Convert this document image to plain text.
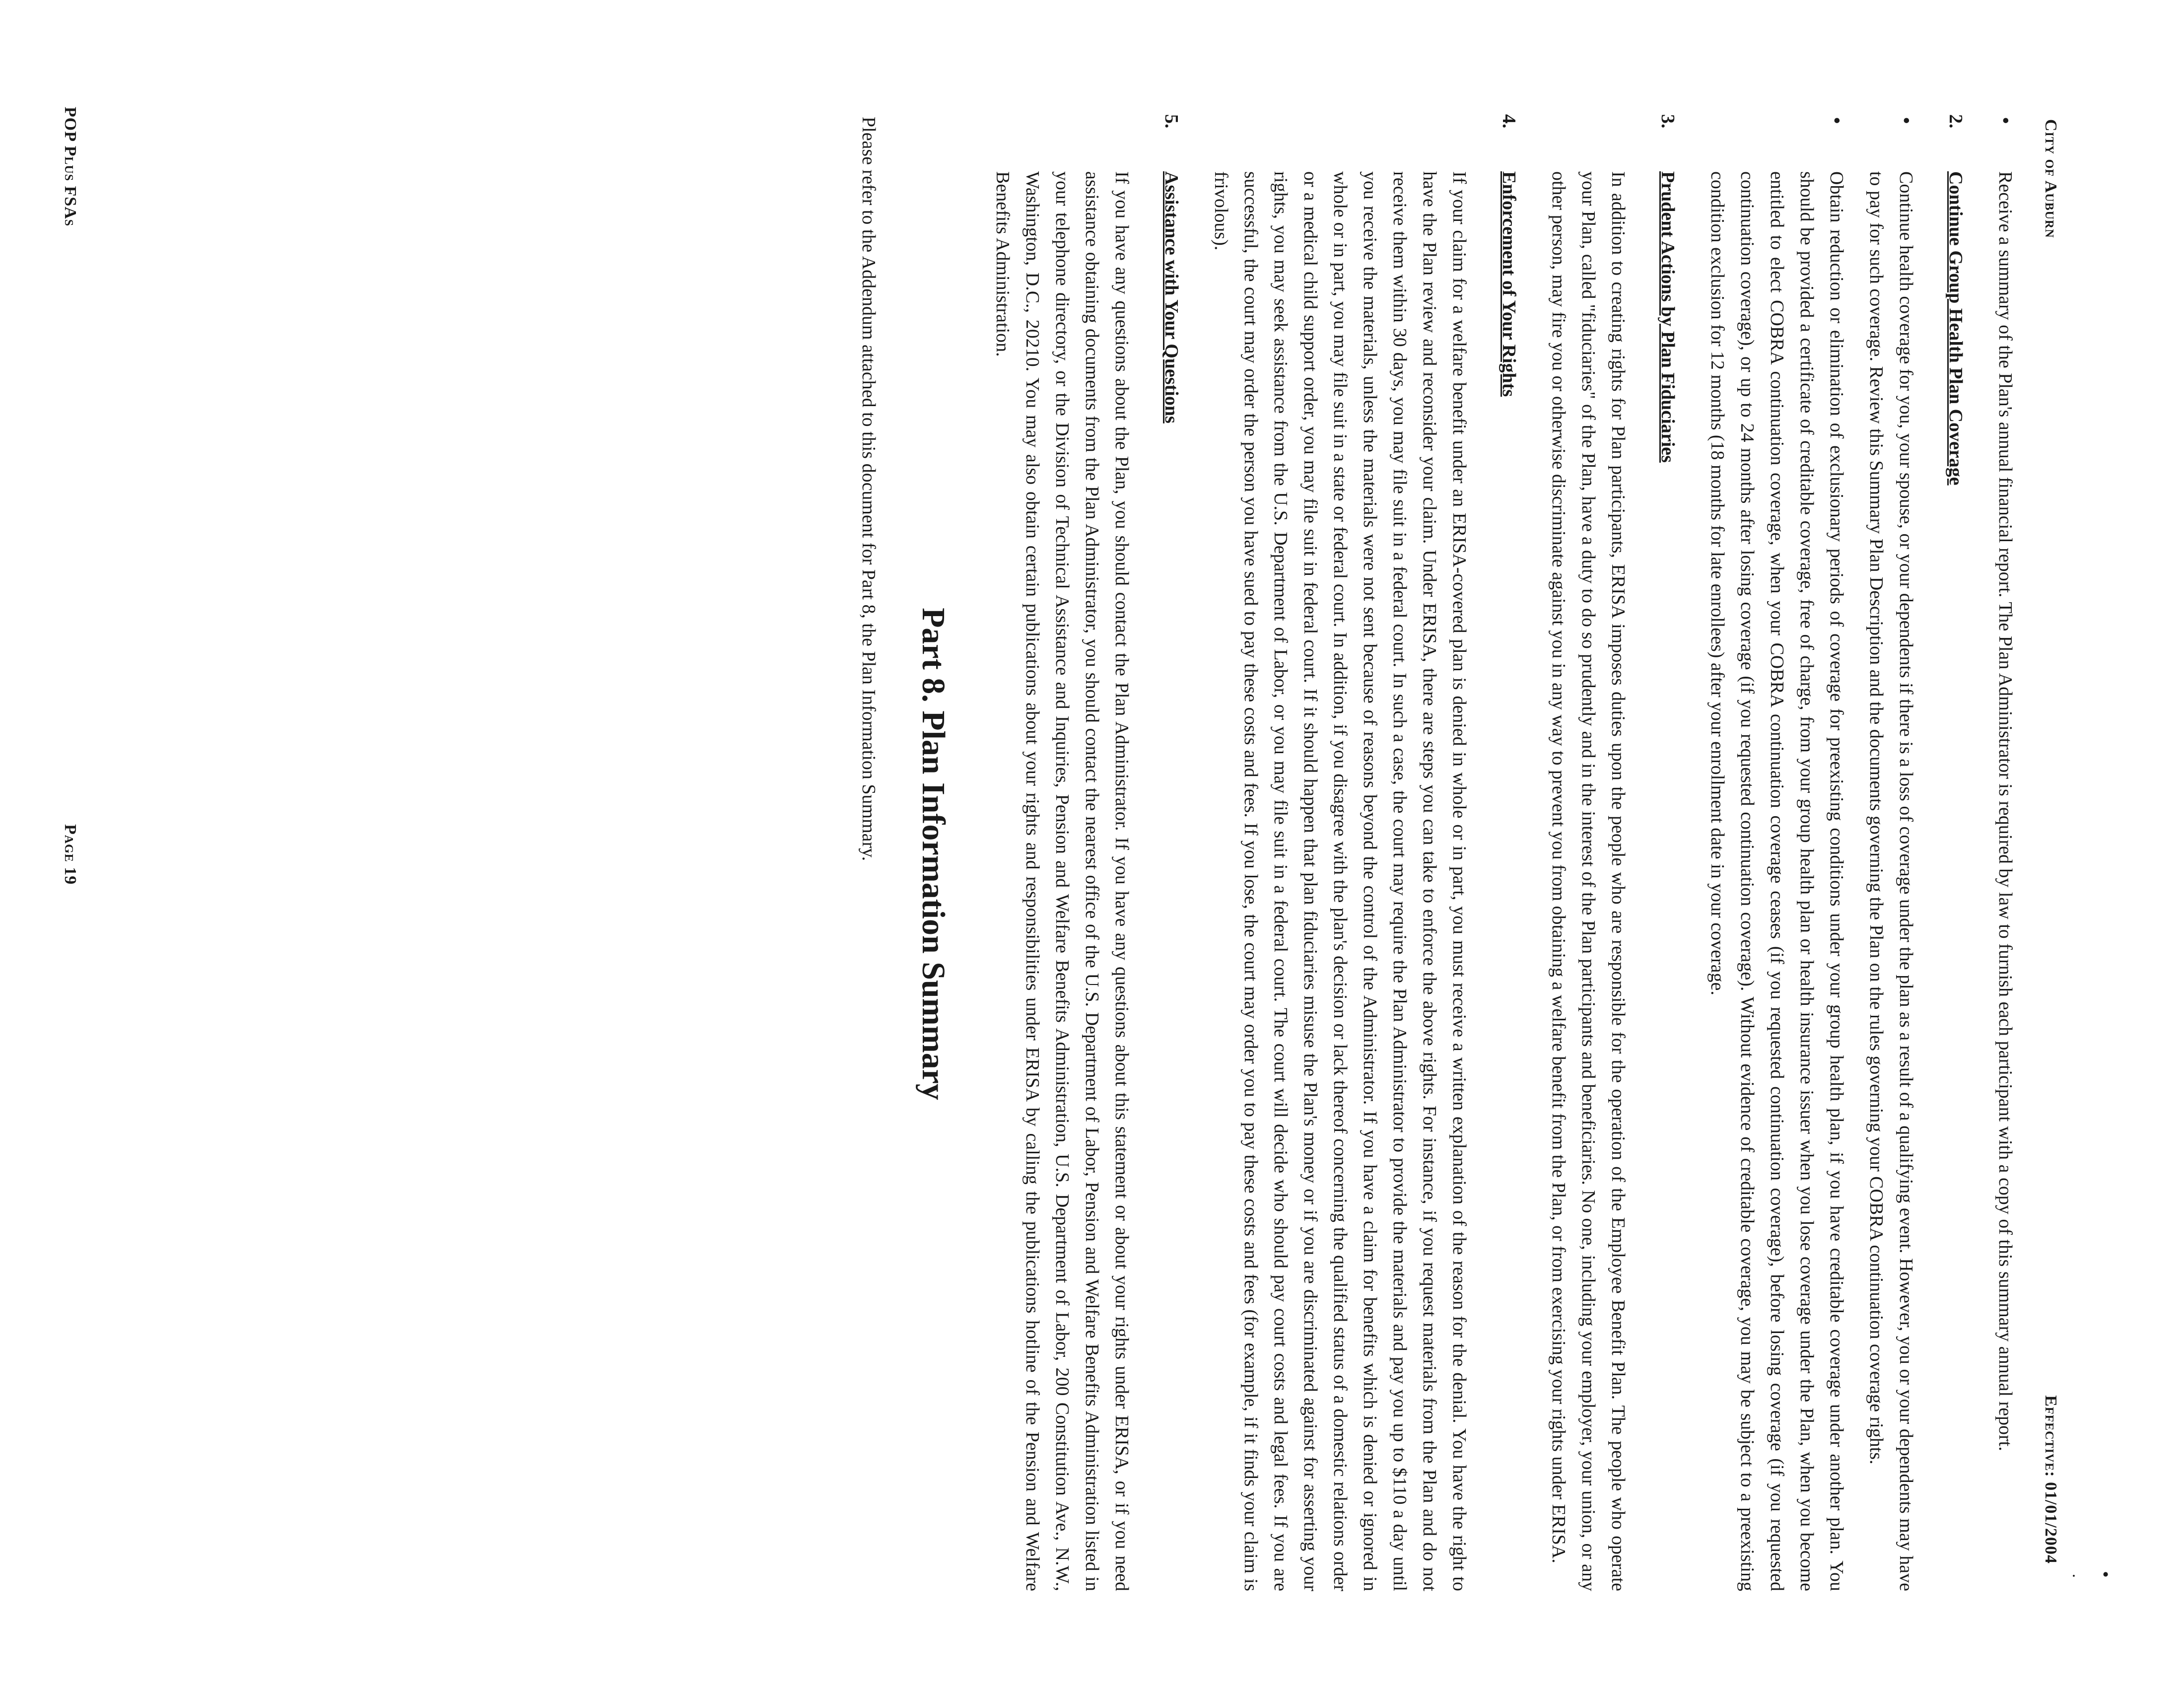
City of Auburn
Effective: 01/01/2004
•
·
•
Receive a summary of the Plan's annual financial report. The Plan Administrator is required by law to furnish each participant with a copy of this summary annual report.
2.
Continue Group Health Plan Coverage
•
Continue health coverage for you, your spouse, or your dependents if there is a loss of coverage under the plan as a result of a qualifying event. However, you or your dependents may have to pay for such coverage. Review this Summary Plan Description and the documents governing the Plan on the rules governing your COBRA continuation coverage rights.
•
Obtain reduction or elimination of exclusionary periods of coverage for preexisting conditions under your group health plan, if you have creditable coverage under another plan. You should be provided a certificate of creditable coverage, free of charge, from your group health plan or health insurance issuer when you lose coverage under the Plan, when you become entitled to elect COBRA continuation coverage, when your COBRA continuation coverage ceases (if you requested continuation coverage), before losing coverage (if you requested continuation coverage), or up to 24 months after losing coverage (if you requested continuation coverage). Without evidence of creditable coverage, you may be subject to a preexisting condition exclusion for 12 months (18 months for late enrollees) after your enrollment date in your coverage.
3.
Prudent Actions by Plan Fiduciaries
In addition to creating rights for Plan participants, ERISA imposes duties upon the people who are responsible for the operation of the Employee Benefit Plan. The people who operate your Plan, called "fiduciaries" of the Plan, have a duty to do so prudently and in the interest of the Plan participants and beneficiaries. No one, including your employer, your union, or any other person, may fire you or otherwise discriminate against you in any way to prevent you from obtaining a welfare benefit from the Plan, or from exercising your rights under ERISA.
4.
Enforcement of Your Rights
If your claim for a welfare benefit under an ERISA-covered plan is denied in whole or in part, you must receive a written explanation of the reason for the denial. You have the right to have the Plan review and reconsider your claim. Under ERISA, there are steps you can take to enforce the above rights. For instance, if you request materials from the Plan and do not receive them within 30 days, you may file suit in a federal court. In such a case, the court may require the Plan Administrator to provide the materials and pay you up to $110 a day until you receive the materials, unless the materials were not sent because of reasons beyond the control of the Administrator. If you have a claim for benefits which is denied or ignored in whole or in part, you may file suit in a state or federal court. In addition, if you disagree with the plan's decision or lack thereof concerning the qualified status of a domestic relations order or a medical child support order, you may file suit in federal court. If it should happen that plan fiduciaries misuse the Plan's money or if you are discriminated against for asserting your rights, you may seek assistance from the U.S. Department of Labor, or you may file suit in a federal court. The court will decide who should pay court costs and legal fees. If you are successful, the court may order the person you have sued to pay these costs and fees. If you lose, the court may order you to pay these costs and fees (for example, if it finds your claim is frivolous).
5.
Assistance with Your Questions
If you have any questions about the Plan, you should contact the Plan Administrator. If you have any questions about this statement or about your rights under ERISA, or if you need assistance obtaining documents from the Plan Administrator, you should contact the nearest office of the U.S. Department of Labor, Pension and Welfare Benefits Administration listed in your telephone directory, or the Division of Technical Assistance and Inquiries, Pension and Welfare Benefits Administration, U.S. Department of Labor, 200 Constitution Ave., N.W., Washington, D.C., 20210. You may also obtain certain publications about your rights and responsibilities under ERISA by calling the publications hotline of the Pension and Welfare Benefits Administration.
Part 8. Plan Information Summary
Please refer to the Addendum attached to this document for Part 8, the Plan Information Summary.
POP Plus FSAs
Page 19
